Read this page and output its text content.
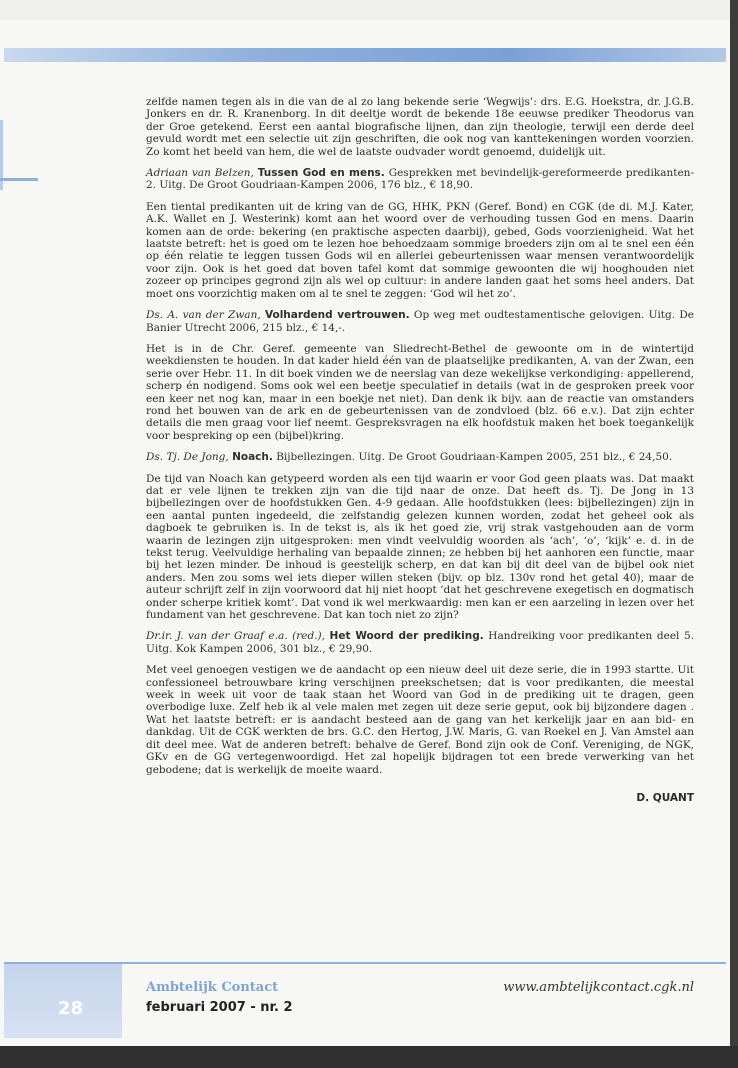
zelfde namen tegen als in die van de al zo lang bekende serie ‘Wegwijs’: drs. E.G. Hoekstra, dr. J.G.B. Jonkers en dr. R. Kranenborg. In dit deeltje wordt de bekende 18e eeuwse prediker Theodorus van der Groe getekend. Eerst een aantal biografische lijnen, dan zijn theologie, terwijl een derde deel gevuld wordt met een selectie uit zijn geschriften, die ook nog van kanttekeningen worden voorzien. Zo komt het beeld van hem, die wel de laatste oudvader wordt genoemd, duidelijk uit.

Adriaan van Belzen, Tussen God en mens. Gesprekken met bevindelijk-gereformeerde predikanten-2. Uitg. De Groot Goudriaan-Kampen 2006, 176 blz., € 18,90.

Een tiental predikanten uit de kring van de GG, HHK, PKN (Geref. Bond) en CGK (de di. M.J. Kater, A.K. Wallet en J. Westerink) komt aan het woord over de verhouding tussen God en mens. Daarin komen aan de orde: bekering (en praktische aspecten daarbij), gebed, Gods voorzienigheid. Wat het laatste betreft: het is goed om te lezen hoe behoedzaam sommige broeders zijn om al te snel een één op één relatie te leggen tussen Gods wil en allerlei gebeurtenissen waar mensen verantwoordelijk voor zijn. Ook is het goed dat boven tafel komt dat sommige gewoonten die wij hooghouden niet zozeer op principes gegrond zijn als wel op cultuur: in andere landen gaat het soms heel anders. Dat moet ons voorzichtig maken om al te snel te zeggen: ‘God wil het zo’.

Ds. A. van der Zwan, Volhardend vertrouwen. Op weg met oudtestamentische gelovigen. Uitg. De Banier Utrecht 2006, 215 blz., € 14,-.

Het is in de Chr. Geref. gemeente van Sliedrecht-Bethel de gewoonte om in de wintertijd weekdiensten te houden. In dat kader hield één van de plaatselijke predikanten, A. van der Zwan, een serie over Hebr. 11. In dit boek vinden we de neerslag van deze wekelijkse verkondiging: appellerend, scherp én nodigend. Soms ook wel een beetje speculatief in details (wat in de gesproken preek voor een keer net nog kan, maar in een boekje net niet). Dan denk ik bijv. aan de reactie van omstanders rond het bouwen van de ark en de gebeurtenissen van de zondvloed (blz. 66 e.v.). Dat zijn echter details die men graag voor lief neemt. Gespreksvragen na elk hoofdstuk maken het boek toegankelijk voor bespreking op een (bijbel)kring.

Ds. Tj. De Jong, Noach. Bijbellezingen. Uitg. De Groot Goudriaan-Kampen 2005, 251 blz., € 24,50.

De tijd van Noach kan getypeerd worden als een tijd waarin er voor God geen plaats was. Dat maakt dat er vele lijnen te trekken zijn van die tijd naar de onze. Dat heeft ds. Tj. De Jong in 13 bijbellezingen over de hoofdstukken Gen. 4-9 gedaan. Alle hoofdstukken (lees: bijbellezingen) zijn in een aantal punten ingedeeld, die zelfstandig gelezen kunnen worden, zodat het geheel ook als dagboek te gebruiken is. In de tekst is, als ik het goed zie, vrij strak vastgehouden aan de vorm waarin de lezingen zijn uitgesproken: men vindt veelvuldig woorden als ‘ach’, ‘o’, ‘kijk’ e. d. in de tekst terug. Veelvuldige herhaling van bepaalde zinnen; ze hebben bij het aanhoren een functie, maar bij het lezen minder. De inhoud is geestelijk scherp, en dat kan bij dit deel van de bijbel ook niet anders. Men zou soms wel iets dieper willen steken (bijv. op blz. 130v rond het getal 40), maar de auteur schrijft zelf in zijn voorwoord dat hij niet hoopt ‘dat het geschrevene exegetisch en dogmatisch onder scherpe kritiek komt’. Dat vond ik wel merkwaardig: men kan er een aarzeling in lezen over het fundament van het geschrevene. Dat kan toch niet zo zijn?

Dr.ir. J. van der Graaf e.a. (red.), Het Woord der prediking. Handreiking voor predikanten deel 5. Uitg. Kok Kampen 2006, 301 blz., € 29,90.

Met veel genoegen vestigen we de aandacht op een nieuw deel uit deze serie, die in 1993 startte. Uit confessioneel betrouwbare kring verschijnen preekschetsen; dat is voor predikanten, die meestal week in week uit voor de taak staan het Woord van God in de prediking uit te dragen, geen overbodige luxe. Zelf heb ik al vele malen met zegen uit deze serie geput, ook bij bijzondere dagen . Wat het laatste betreft: er is aandacht besteed aan de gang van het kerkelijk jaar en aan bid- en dankdag. Uit de CGK werkten de brs. G.C. den Hertog, J.W. Maris, G. van Roekel en J. Van Amstel aan dit deel mee. Wat de anderen betreft: behalve de Geref. Bond zijn ook de Conf. Vereniging, de NGK, GKv en de GG vertegenwoordigd. Het zal hopelijk bijdragen tot een brede verwerking van het gebodene; dat is werkelijk de moeite waard.

D. QUANT
28
Ambtelijk Contact
februari 2007 - nr. 2
www.ambtelijkcontact.cgk.nl
